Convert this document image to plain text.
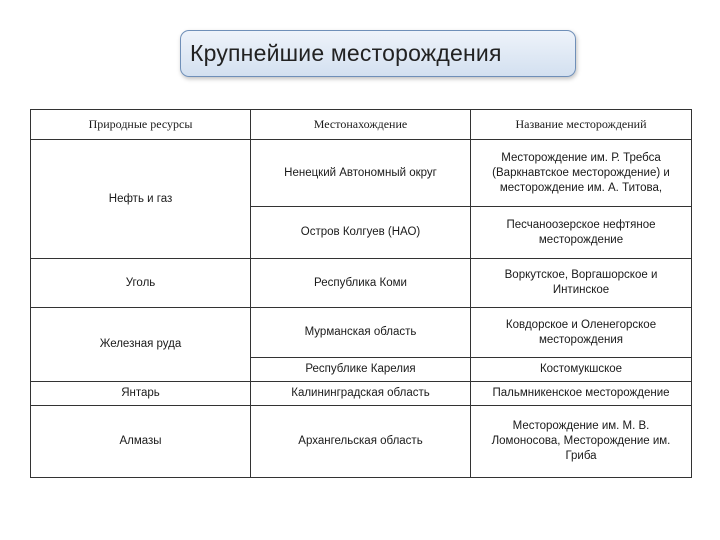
Крупнейшие месторождения
Природные ресурсы	Местонахождение	Название месторождений
Нефть и газ	Ненецкий Автономный округ	Месторождение им. Р. Требса (Варкнавтское месторождение) и месторождение им. А. Титова,
	Остров Колгуев (НАО)	Песчаноозерское нефтяное месторождение
Уголь	Республика Коми	Воркутское, Воргашорское и Интинское
Железная руда	Мурманская область	Ковдорское и Оленегорское месторождения
	Республике Карелия	Костомукшское
Янтарь	Калининградская область	Пальмникенское месторождение
Алмазы	Архангельская область	Месторождение им. М. В. Ломоносова, Месторождение им. Гриба
